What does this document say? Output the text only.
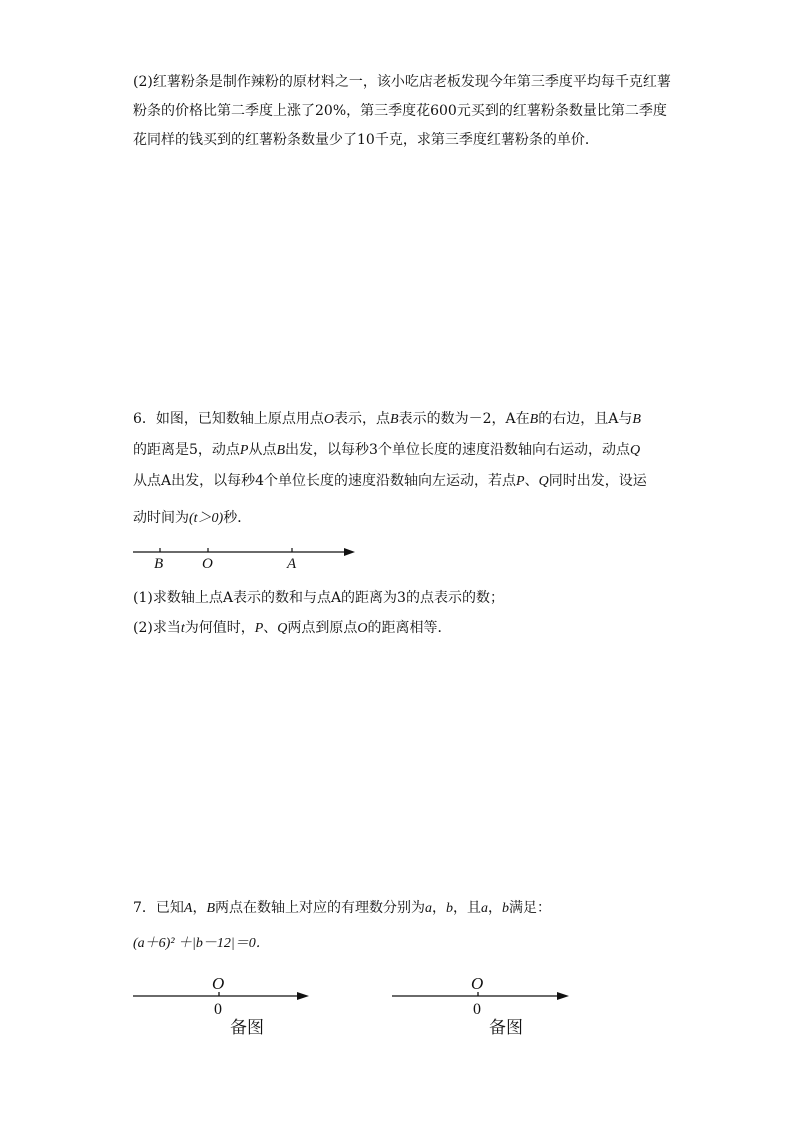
(2)红薯粉条是制作辣粉的原材料之一，该小吃店老板发现今年第三季度平均每千克红薯
粉条的价格比第二季度上涨了20%，第三季度花600元买到的红薯粉条数量比第二季度
花同样的钱买到的红薯粉条数量少了10千克，求第三季度红薯粉条的单价．
6．如图，已知数轴上原点用点O表示，点B表示的数为－2，A在B的右边，且A与B
的距离是5，动点P从点B出发，以每秒3个单位长度的速度沿数轴向右运动，动点Q
从点A出发，以每秒4个单位长度的速度沿数轴向左运动，若点P、Q同时出发，设运
动时间为(t＞0)秒．
B	O	A
(1)求数轴上点A表示的数和与点A的距离为3的点表示的数；
(2)求当t为何值时，P、Q两点到原点O的距离相等．
7．已知A，B两点在数轴上对应的有理数分别为a，b，且a，b满足：
(a＋6)² ＋|b－12|＝0．
O
0
O
0
备图	备图
